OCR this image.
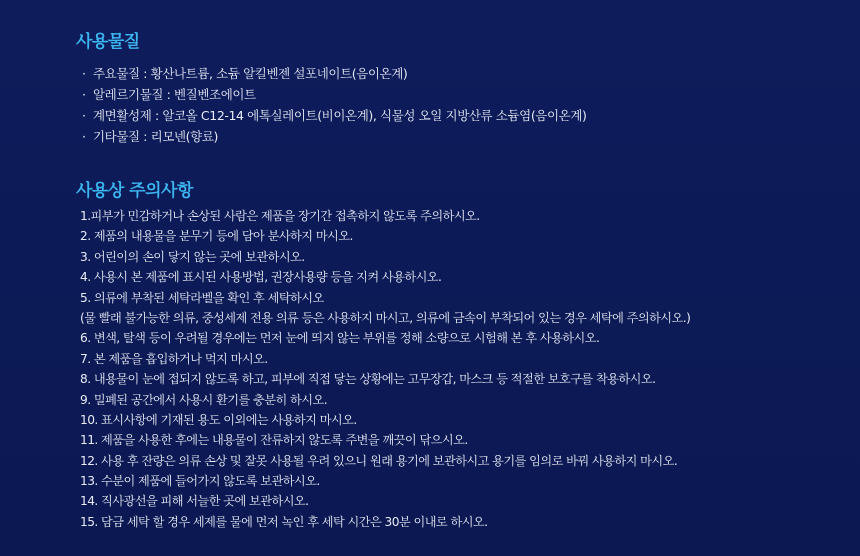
사용물질
· 주요물질 : 황산나트륨, 소듐 알킬벤젠 설포네이트(음이온계)
· 알레르기물질 : 벤질벤조에이트
· 계면활성제 : 알코올 C12-14 에톡실레이트(비이온계), 식물성 오일 지방산류 소듐염(음이온계)
· 기타물질 : 리모넨(향료)
사용상 주의사항
1.피부가 민감하거나 손상된 사람은 제품을 장기간 접촉하지 않도록 주의하시오.
2. 제품의 내용물을 분무기 등에 담아 분사하지 마시오.
3. 어린이의 손이 닿지 않는 곳에 보관하시오.
4. 사용시 본 제품에 표시된 사용방법, 권장사용량 등을 지켜 사용하시오.
5. 의류에 부착된 세탁라벨을 확인 후 세탁하시오
(물 빨래 불가능한 의류, 중성세제 전용 의류 등은 사용하지 마시고, 의류에 금속이 부착되어 있는 경우 세탁에 주의하시오.)
6. 변색, 탈색 등이 우려될 경우에는 먼저 눈에 띄지 않는 부위를 정해 소량으로 시험해 본 후 사용하시오.
7. 본 제품을 흡입하거나 먹지 마시오.
8. 내용물이 눈에 접되지 않도록 하고, 피부에 직접 닿는 상황에는 고무장갑, 마스크 등 적절한 보호구를 착용하시오.
9. 밀폐된 공간에서 사용시 환기를 충분히 하시오.
10. 표시사항에 기재된 용도 이외에는 사용하지 마시오.
11. 제품을 사용한 후에는 내용물이 잔류하지 않도록 주변을 깨끗이 닦으시오.
12. 사용 후 잔량은 의류 손상 및 잘못 사용될 우려 있으니 원래 용기에 보관하시고 용기를 임의로 바꿔 사용하지 마시오.
13. 수분이 제품에 들어가지 않도록 보관하시오.
14. 직사광선을 피해 서늘한 곳에 보관하시오.
15. 담금 세탁 할 경우 세제를 물에 먼저 녹인 후 세탁 시간은 30분 이내로 하시오.
